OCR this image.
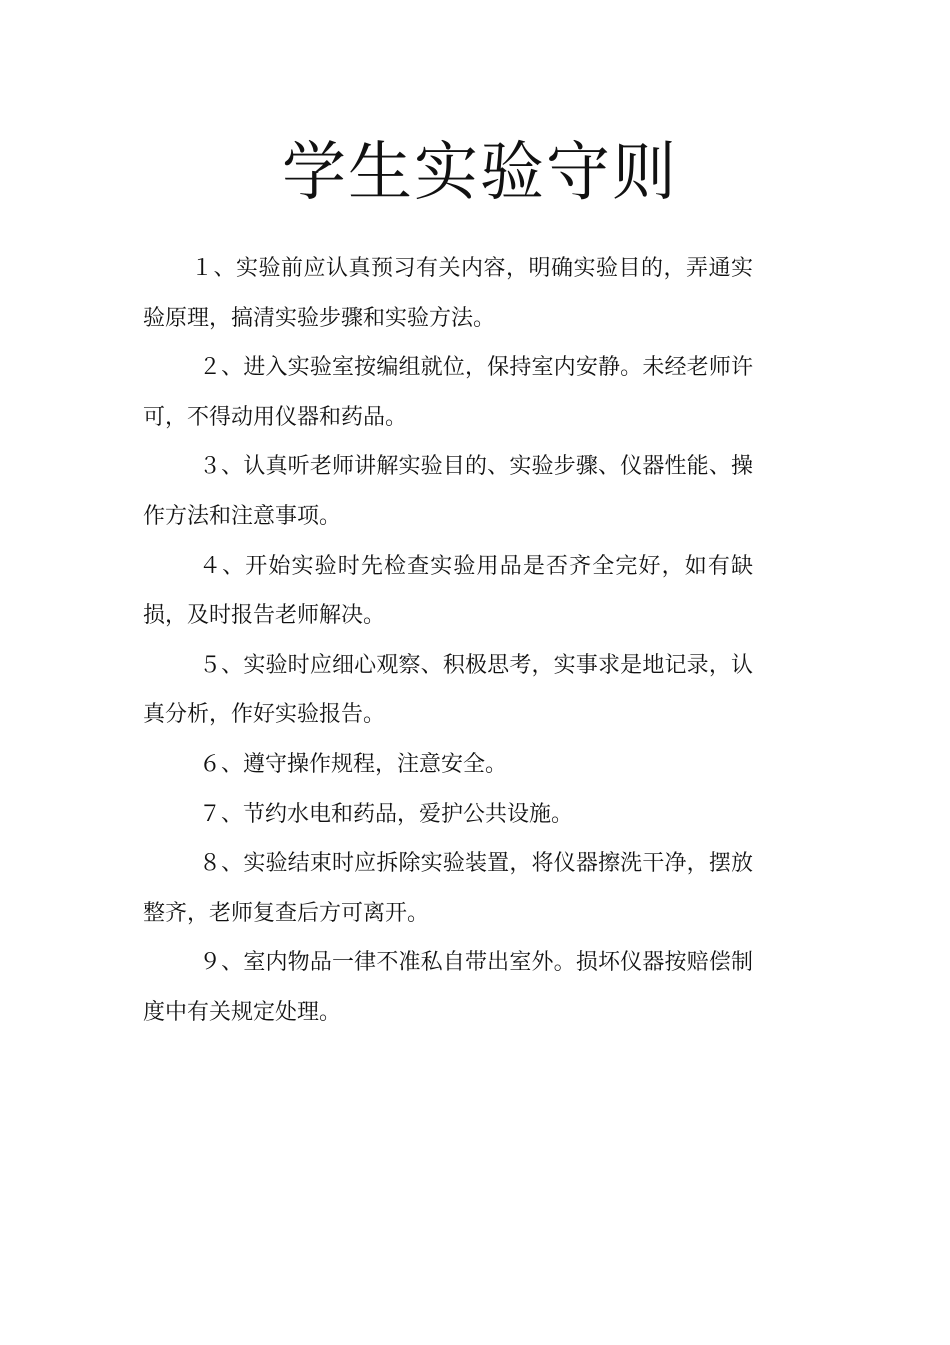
学生实验守则

１、实验前应认真预习有关内容，明确实验目的，弄通实验原理，搞清实验步骤和实验方法。

２、进入实验室按编组就位，保持室内安静。未经老师许可，不得动用仪器和药品。

３、认真听老师讲解实验目的、实验步骤、仪器性能、操作方法和注意事项。

４、开始实验时先检查实验用品是否齐全完好，如有缺损，及时报告老师解决。

５、实验时应细心观察、积极思考，实事求是地记录，认真分析，作好实验报告。

６、遵守操作规程，注意安全。

７、节约水电和药品，爱护公共设施。

８、实验结束时应拆除实验装置，将仪器擦洗干净，摆放整齐，老师复查后方可离开。

９、室内物品一律不准私自带出室外。损坏仪器按赔偿制度中有关规定处理。
